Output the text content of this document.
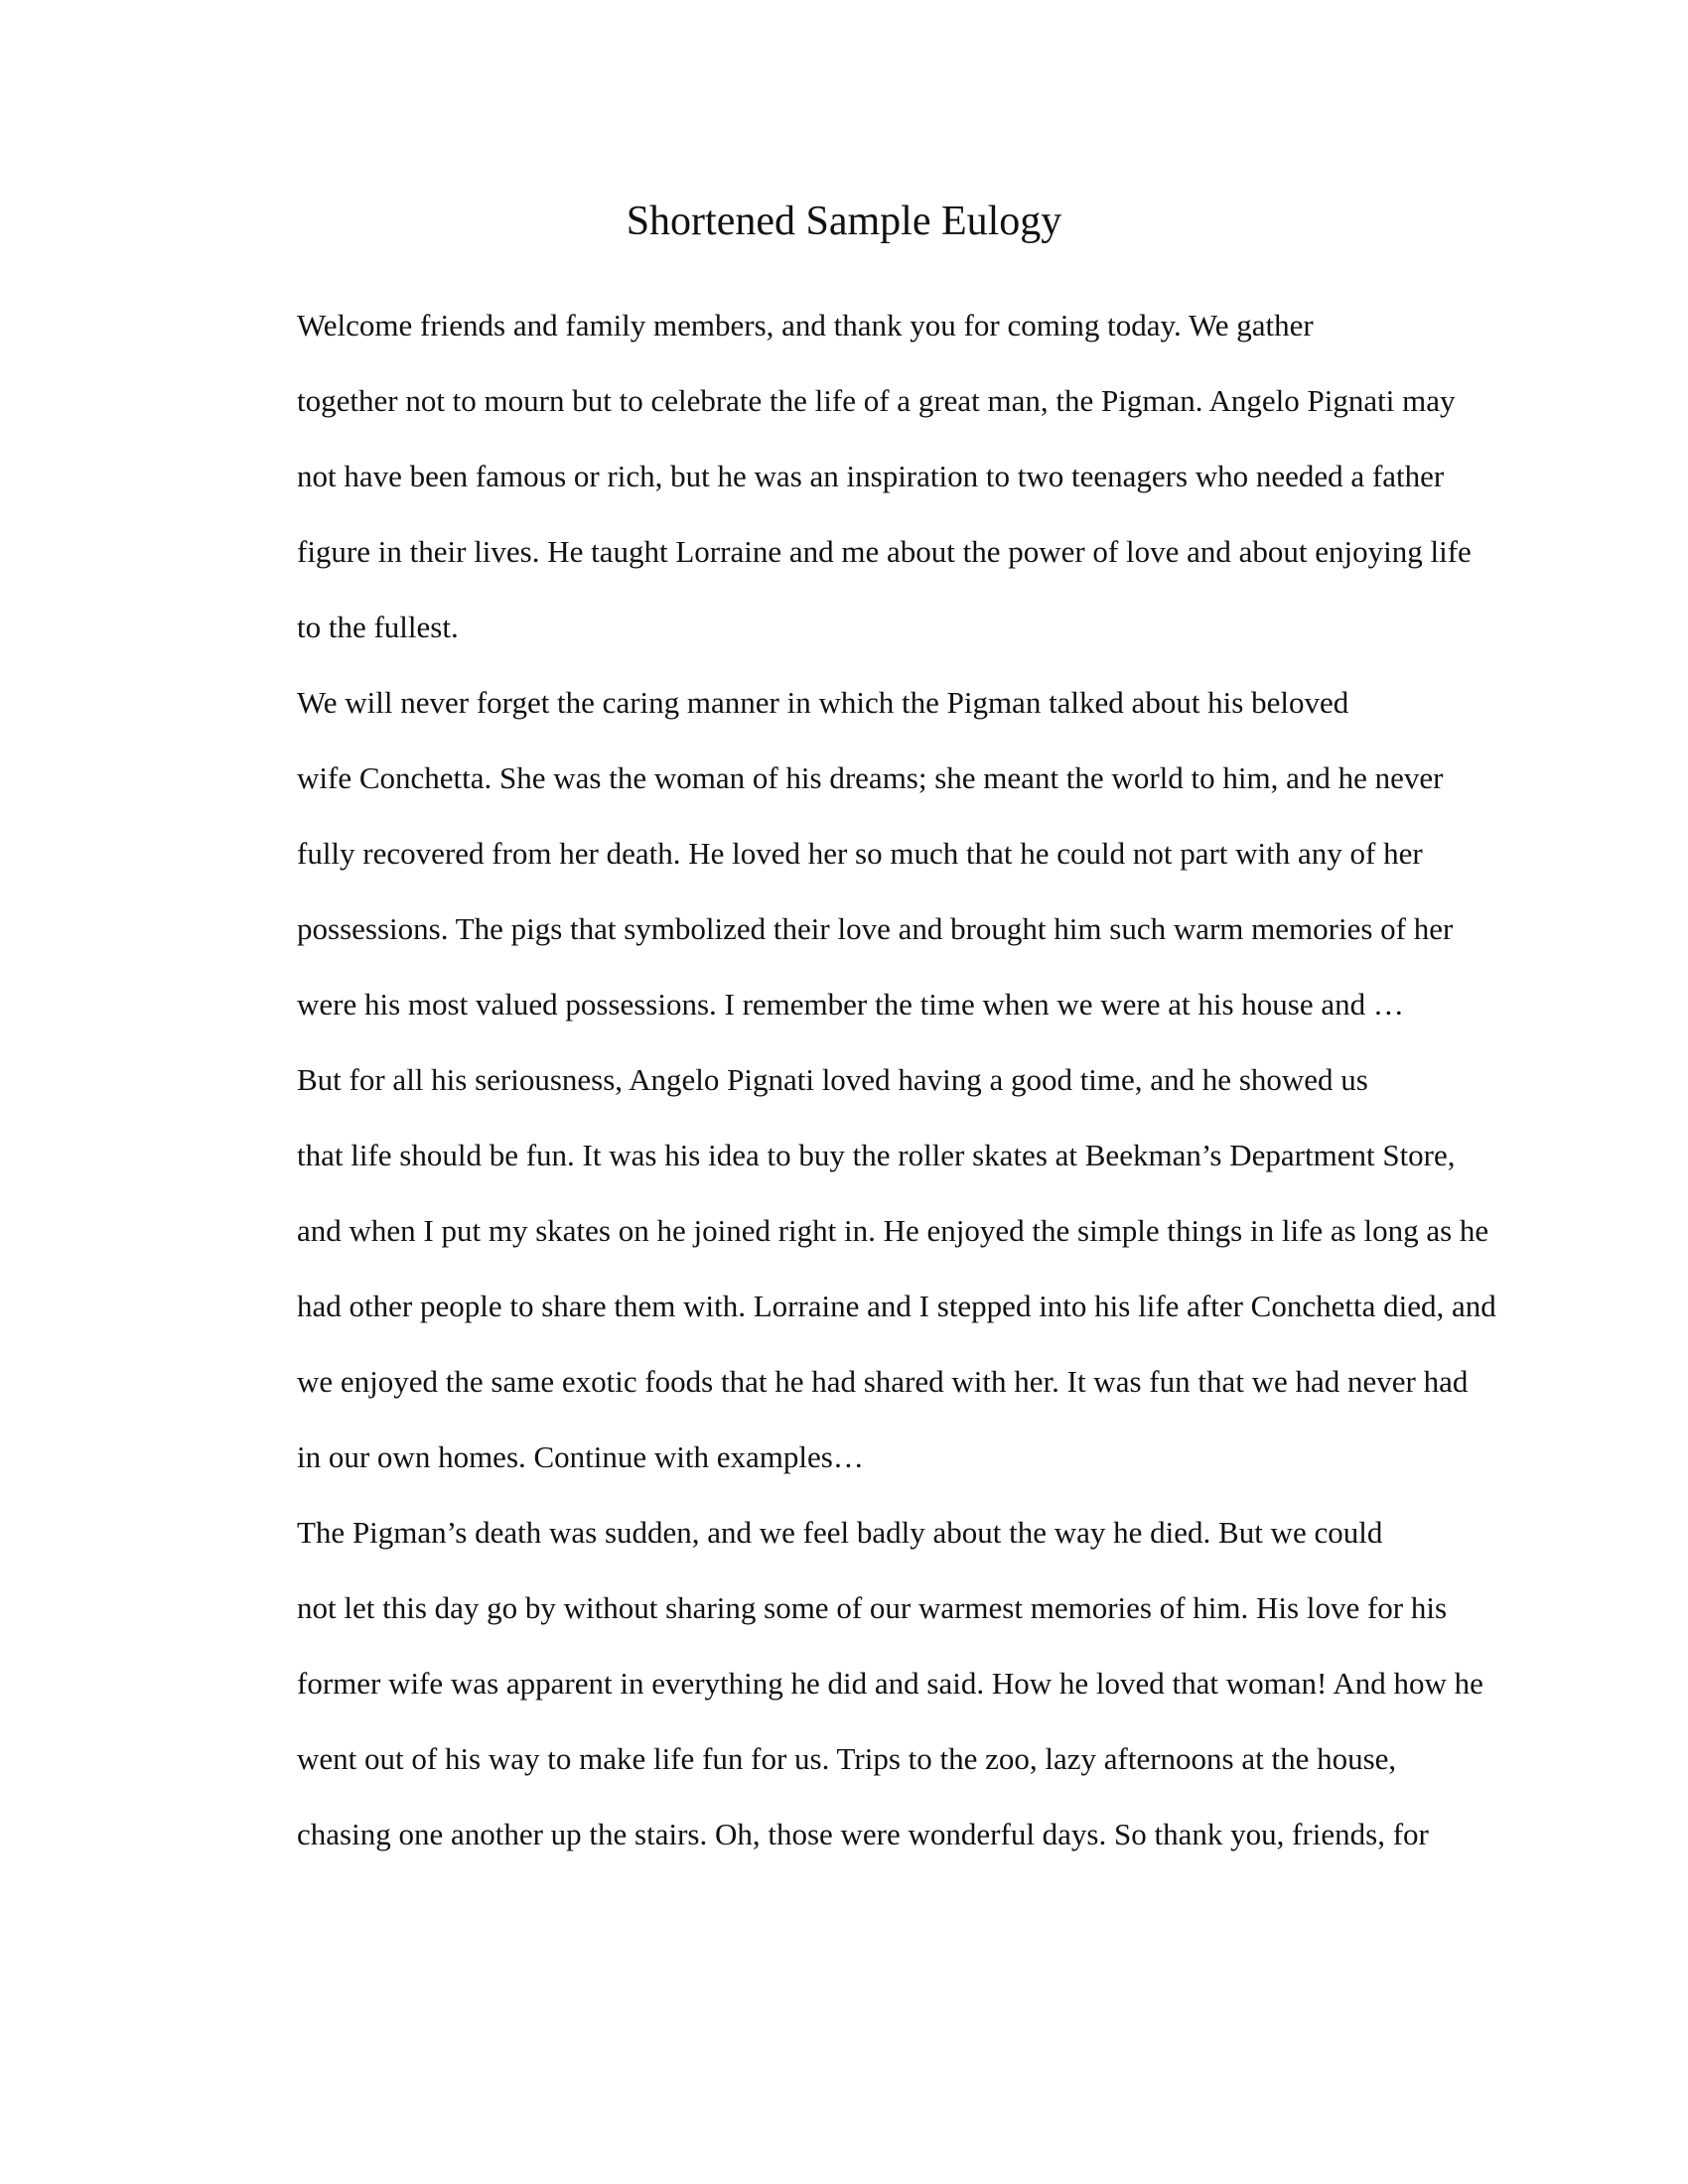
Shortened Sample Eulogy

Welcome friends and family members, and thank you for coming today. We gather
together not to mourn but to celebrate the life of a great man, the Pigman. Angelo Pignati may
not have been famous or rich, but he was an inspiration to two teenagers who needed a father
figure in their lives. He taught Lorraine and me about the power of love and about enjoying life
to the fullest.

We will never forget the caring manner in which the Pigman talked about his beloved
wife Conchetta. She was the woman of his dreams; she meant the world to him, and he never
fully recovered from her death. He loved her so much that he could not part with any of her
possessions. The pigs that symbolized their love and brought him such warm memories of her
were his most valued possessions. I remember the time when we were at his house and …

But for all his seriousness, Angelo Pignati loved having a good time, and he showed us
that life should be fun. It was his idea to buy the roller skates at Beekman’s Department Store,
and when I put my skates on he joined right in. He enjoyed the simple things in life as long as he
had other people to share them with. Lorraine and I stepped into his life after Conchetta died, and
we enjoyed the same exotic foods that he had shared with her. It was fun that we had never had
in our own homes. Continue with examples…

The Pigman’s death was sudden, and we feel badly about the way he died. But we could
not let this day go by without sharing some of our warmest memories of him. His love for his
former wife was apparent in everything he did and said. How he loved that woman! And how he
went out of his way to make life fun for us. Trips to the zoo, lazy afternoons at the house,
chasing one another up the stairs. Oh, those were wonderful days. So thank you, friends, for
